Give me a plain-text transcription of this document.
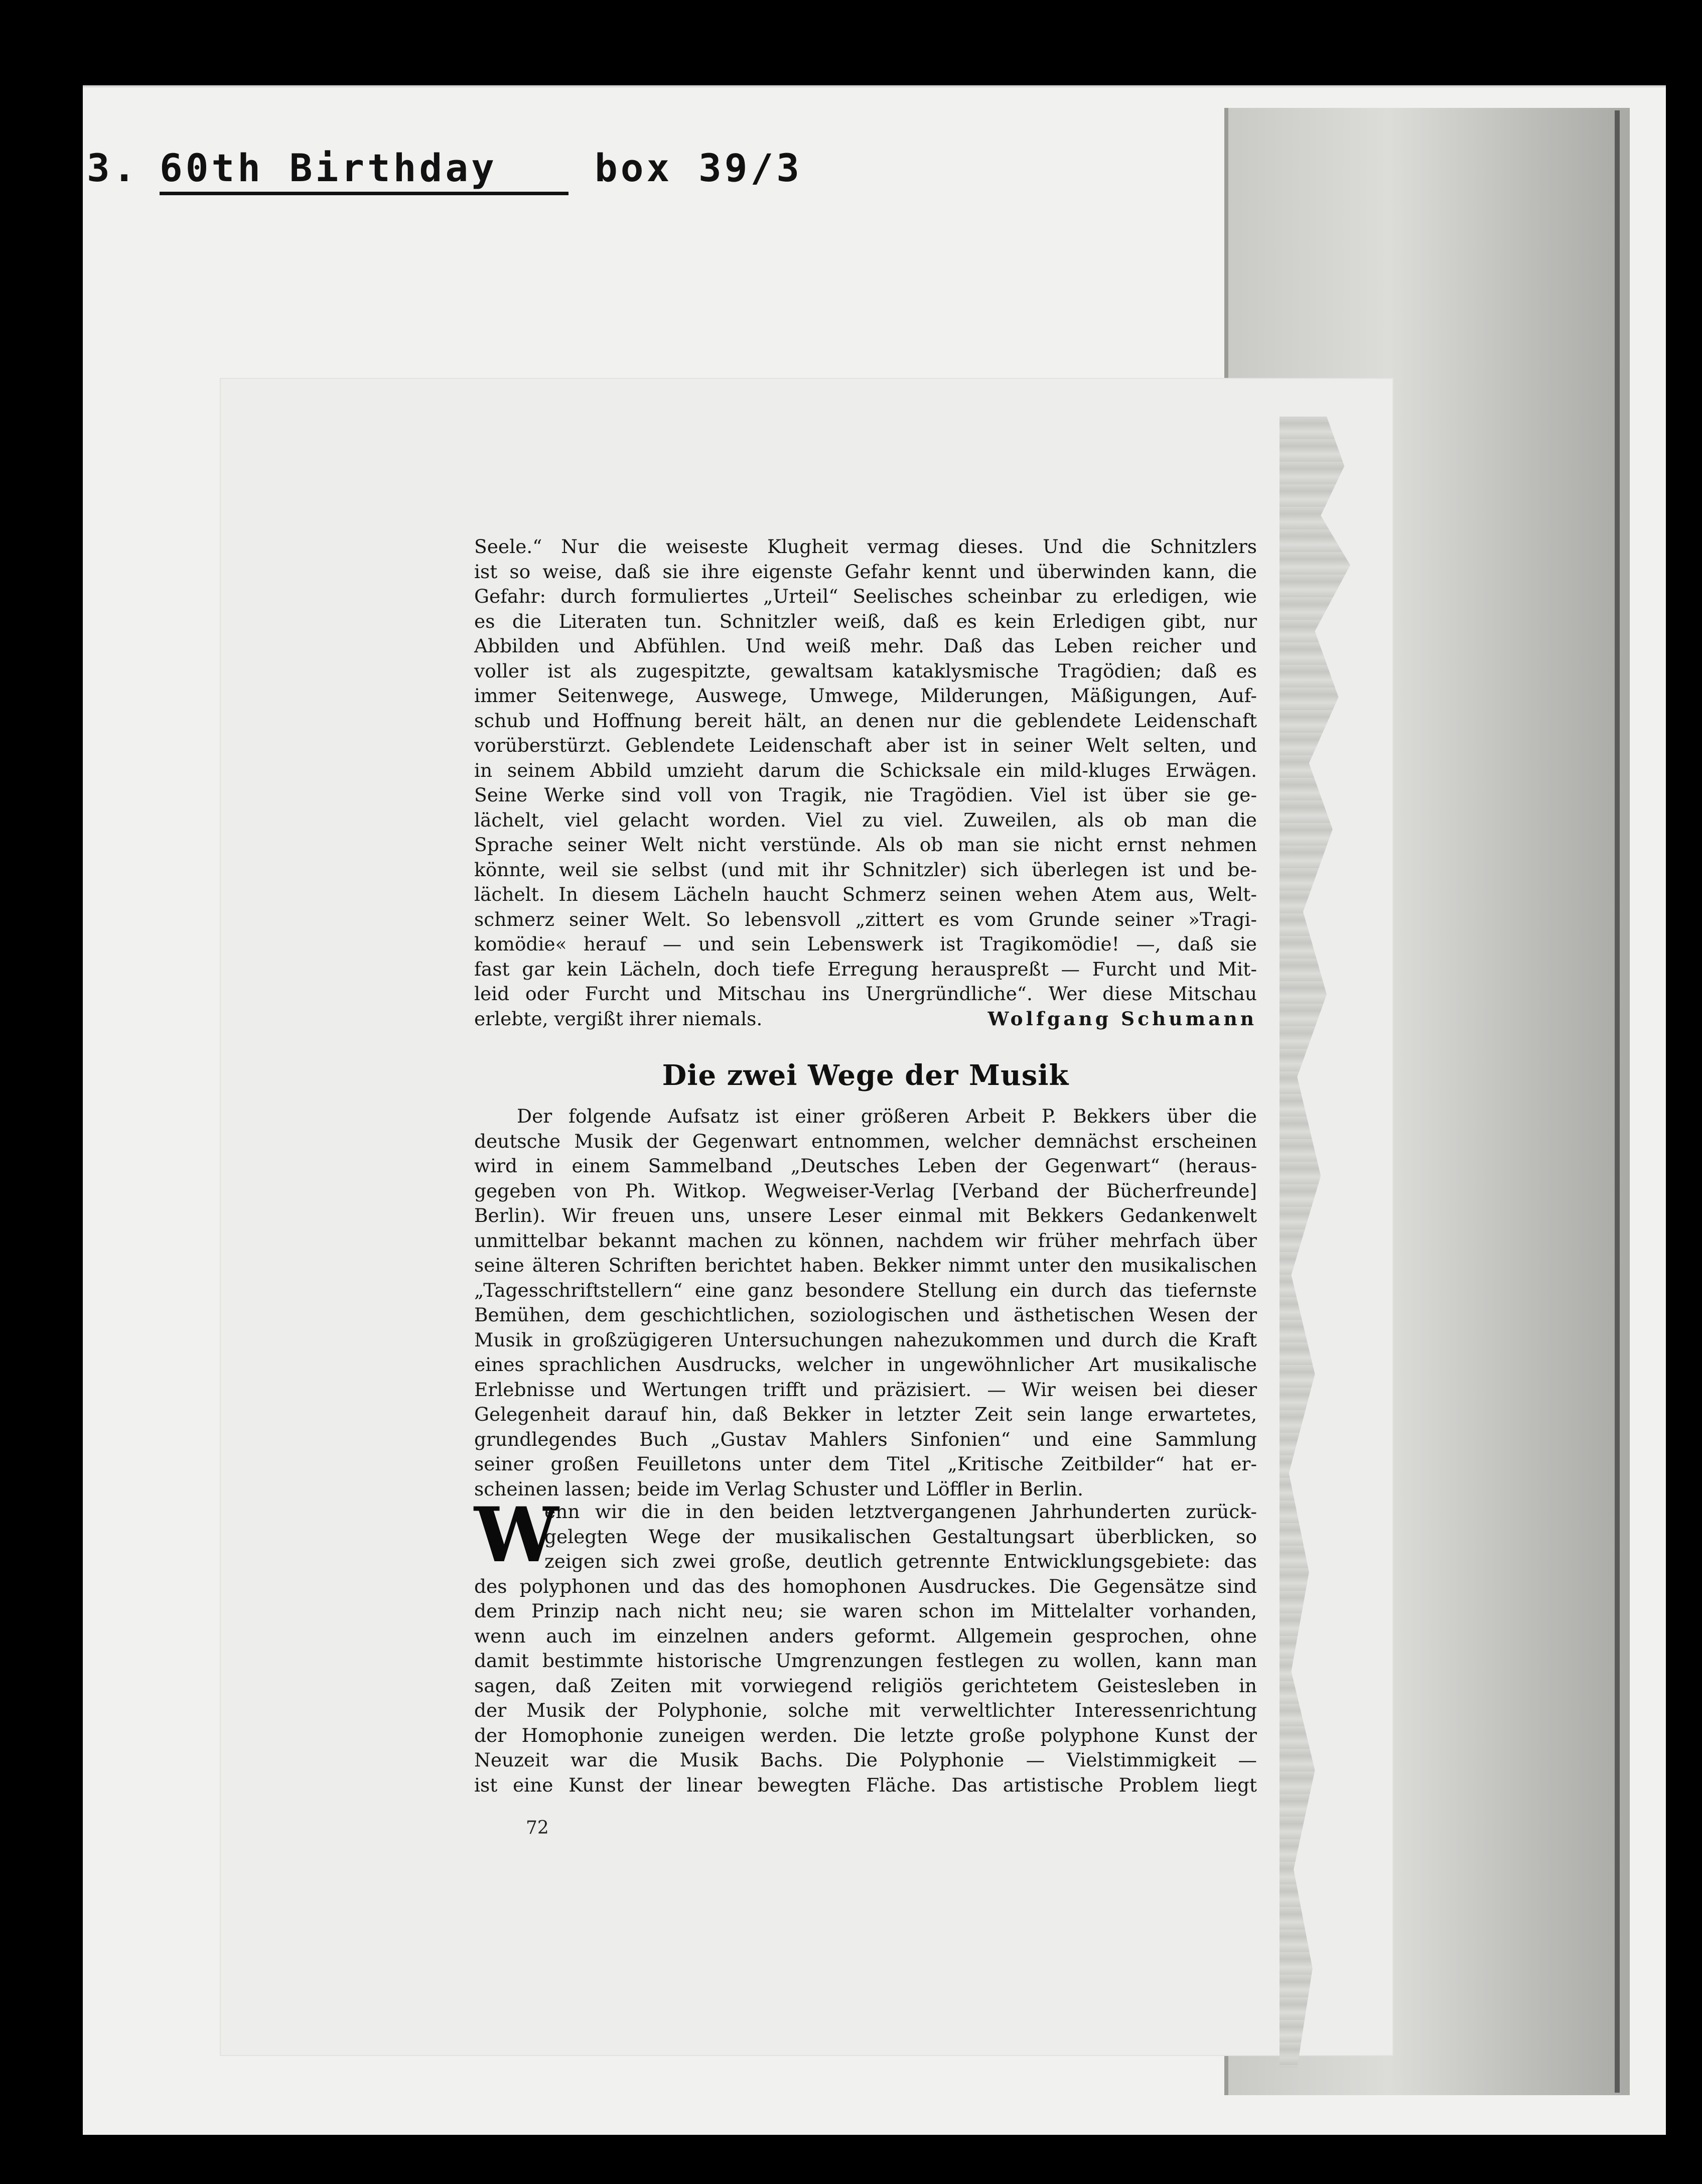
3. 60th Birthday	box 39/3
Seele.“ Nur die weiseste Klugheit vermag dieses. Und die Schnitzlers
ist so weise, daß sie ihre eigenste Gefahr kennt und überwinden kann, die
Gefahr: durch formuliertes „Urteil“ Seelisches scheinbar zu erledigen, wie
es die Literaten tun. Schnitzler weiß, daß es kein Erledigen gibt, nur
Abbilden und Abfühlen. Und weiß mehr. Daß das Leben reicher und
voller ist als zugespitzte, gewaltsam kataklysmische Tragödien; daß es
immer Seitenwege, Auswege, Umwege, Milderungen, Mäßigungen, Auf-
schub und Hoffnung bereit hält, an denen nur die geblendete Leidenschaft
vorüberstürzt. Geblendete Leidenschaft aber ist in seiner Welt selten, und
in seinem Abbild umzieht darum die Schicksale ein mild-kluges Erwägen.
Seine Werke sind voll von Tragik, nie Tragödien. Viel ist über sie ge-
lächelt, viel gelacht worden. Viel zu viel. Zuweilen, als ob man die
Sprache seiner Welt nicht verstünde. Als ob man sie nicht ernst nehmen
könnte, weil sie selbst (und mit ihr Schnitzler) sich überlegen ist und be-
lächelt. In diesem Lächeln haucht Schmerz seinen wehen Atem aus, Welt-
schmerz seiner Welt. So lebensvoll „zittert es vom Grunde seiner »Tragi-
komödie« herauf — und sein Lebenswerk ist Tragikomödie! —, daß sie
fast gar kein Lächeln, doch tiefe Erregung herauspreßt — Furcht und Mit-
leid oder Furcht und Mitschau ins Unergründliche“. Wer diese Mitschau
erlebte, vergißt ihrer niemals.	Wolfgang Schumann
Die zwei Wege der Musik
Der folgende Aufsatz ist einer größeren Arbeit P. Bekkers über die
deutsche Musik der Gegenwart entnommen, welcher demnächst erscheinen
wird in einem Sammelband „Deutsches Leben der Gegenwart“ (heraus-
gegeben von Ph. Witkop. Wegweiser-Verlag [Verband der Bücherfreunde]
Berlin). Wir freuen uns, unsere Leser einmal mit Bekkers Gedankenwelt
unmittelbar bekannt machen zu können, nachdem wir früher mehrfach über
seine älteren Schriften berichtet haben. Bekker nimmt unter den musikalischen
„Tagesschriftstellern“ eine ganz besondere Stellung ein durch das tiefernste
Bemühen, dem geschichtlichen, soziologischen und ästhetischen Wesen der
Musik in großzügigeren Untersuchungen nahezukommen und durch die Kraft
eines sprachlichen Ausdrucks, welcher in ungewöhnlicher Art musikalische
Erlebnisse und Wertungen trifft und präzisiert. — Wir weisen bei dieser
Gelegenheit darauf hin, daß Bekker in letzter Zeit sein lange erwartetes,
grundlegendes Buch „Gustav Mahlers Sinfonien“ und eine Sammlung
seiner großen Feuilletons unter dem Titel „Kritische Zeitbilder“ hat er-
scheinen lassen; beide im Verlag Schuster und Löffler in Berlin.
W
enn wir die in den beiden letztvergangenen Jahrhunderten zurück-
gelegten Wege der musikalischen Gestaltungsart überblicken, so
zeigen sich zwei große, deutlich getrennte Entwicklungsgebiete: das
des polyphonen und das des homophonen Ausdruckes. Die Gegensätze sind
dem Prinzip nach nicht neu; sie waren schon im Mittelalter vorhanden,
wenn auch im einzelnen anders geformt. Allgemein gesprochen, ohne
damit bestimmte historische Umgrenzungen festlegen zu wollen, kann man
sagen, daß Zeiten mit vorwiegend religiös gerichtetem Geistesleben in
der Musik der Polyphonie, solche mit verweltlichter Interessenrichtung
der Homophonie zuneigen werden. Die letzte große polyphone Kunst der
Neuzeit war die Musik Bachs. Die Polyphonie — Vielstimmigkeit —
ist eine Kunst der linear bewegten Fläche. Das artistische Problem liegt
72
